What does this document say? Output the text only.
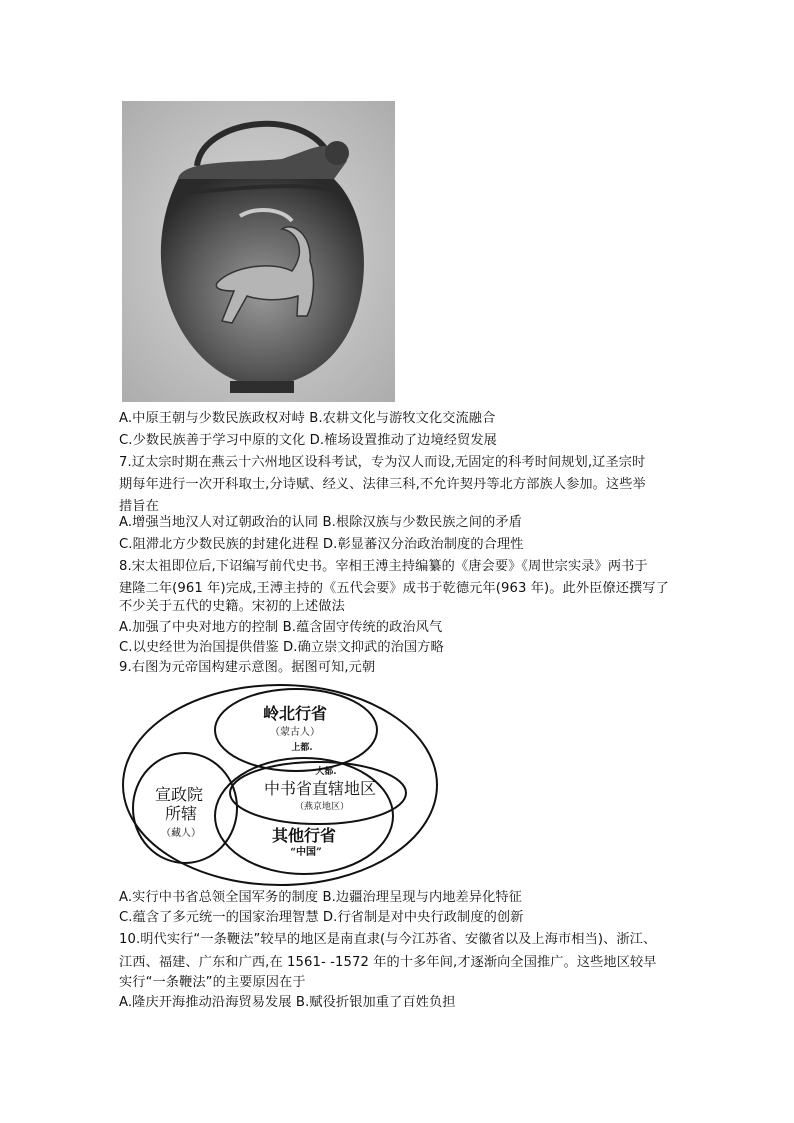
A.中原王朝与少数民族政权对峙 B.农耕文化与游牧文化交流融合
C.少数民族善于学习中原的文化 D.榷场设置推动了边境经贸发展
7.辽太宗时期在燕云十六州地区设科考试，专为汉人而设,无固定的科考时间规划,辽圣宗时
期每年进行一次开科取士,分诗赋、经义、法律三科,不允许契丹等北方部族人参加。这些举
措旨在
A.增强当地汉人对辽朝政治的认同 B.根除汉族与少数民族之间的矛盾
C.阻滞北方少数民族的封建化进程 D.彰显蕃汉分治政治制度的合理性
8.宋太祖即位后,下诏编写前代史书。宰相王溥主持编纂的《唐会要》《周世宗实录》两书于
建隆二年(961 年)完成,王溥主持的《五代会要》成书于乾德元年(963 年)。此外臣僚还撰写了
不少关于五代的史籍。宋初的上述做法
A.加强了中央对地方的控制 B.蕴含固守传统的政治风气
C.以史经世为治国提供借鉴 D.确立崇文抑武的治国方略
9.右图为元帝国构建示意图。据图可知,元朝
岭北行省
（蒙古人）
上都.
大都.
中书省直辖地区
（燕京地区）
宣政院
所辖
（藏人）	其他行省
“中国”
A.实行中书省总领全国军务的制度 B.边疆治理呈现与内地差异化特征
C.蕴含了多元统一的国家治理智慧 D.行省制是对中央行政制度的创新
10.明代实行“一条鞭法”较早的地区是南直隶(与今江苏省、安徽省以及上海市相当)、浙江、
江西、福建、广东和广西,在 1561- -1572 年的十多年间,才逐渐向全国推广。这些地区较早
实行“一条鞭法”的主要原因在于
A.隆庆开海推动沿海贸易发展 B.赋役折银加重了百姓负担
